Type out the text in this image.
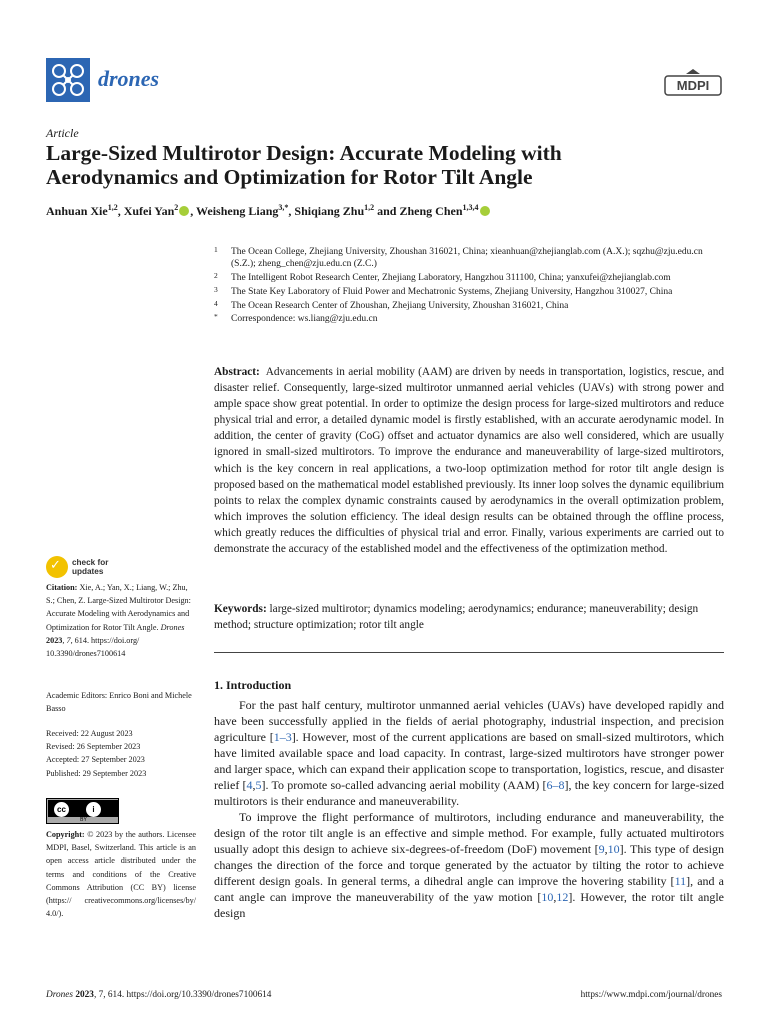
drones	MDPI
Article
Large-Sized Multirotor Design: Accurate Modeling with
Aerodynamics and Optimization for Rotor Tilt Angle
Anhuan Xie$^{1,2}$, Xufei Yan$^2$ , Weisheng Liang$^{3,*}$, Shiqiang Zhu$^{1,2}$ and Zheng Chen$^{1,3,4}$
1 The Ocean College, Zhejiang University, Zhoushan 316021, China; xieanhuan@zhejianglab.com (A.X.); sqzhu@zju.edu.cn (S.Z.); zheng_chen@zju.edu.cn (Z.C.)
2 The Intelligent Robot Research Center, Zhejiang Laboratory, Hangzhou 311100, China; yanxufei@zhejianglab.com
3 The State Key Laboratory of Fluid Power and Mechatronic Systems, Zhejiang University, Hangzhou 310027, China
4 The Ocean Research Center of Zhoushan, Zhejiang University, Zhoushan 316021, China
* Correspondence: ws.liang@zju.edu.cn
Abstract: Advancements in aerial mobility (AAM) are driven by needs in transportation, logistics, rescue, and disaster relief. Consequently, large-sized multirotor unmanned aerial vehicles (UAVs) with strong power and ample space show great potential. In order to optimize the design process for large-sized multirotors and reduce physical trial and error, a detailed dynamic model is firstly established, with an accurate aerodynamic model. In addition, the center of gravity (CoG) offset and actuator dynamics are also well considered, which are usually ignored in small-sized multirotors. To improve the endurance and maneuverability of large-sized multirotors, which is the key concern in real applications, a two-loop optimization method for rotor tilt angle design is proposed based on the mathematical model established previously. Its inner loop solves the dynamic equilibrium points to relax the complex dynamic constraints caused by aerodynamics in the overall optimization problem, which improves the solution efficiency. The ideal design results can be obtained through the offline process, which greatly reduces the difficulties of physical trial and error. Finally, various experiments are carried out to demonstrate the accuracy of the established model and the effectiveness of the optimization method.
Keywords: large-sized multirotor; dynamics modeling; aerodynamics; endurance; maneuverability; design method; structure optimization; rotor tilt angle
✓ check for
updates
Citation: Xie, A.; Yan, X.; Liang, W.; Zhu, S.; Chen, Z. Large-Sized Multirotor Design: Accurate Modeling with Aerodynamics and Optimization for Rotor Tilt Angle. Drones 2023, 7, 614. https://doi.org/ 10.3390/drones7100614
Academic Editors: Enrico Boni and Michele Basso
Received: 22 August 2023
Revised: 26 September 2023
Accepted: 27 September 2023
Published: 29 September 2023
cc	i
BY
Copyright: © 2023 by the authors. Licensee MDPI, Basel, Switzerland. This article is an open access article distributed under the terms and conditions of the Creative Commons Attribution (CC BY) license (https:// creativecommons.org/licenses/by/ 4.0/).
1. Introduction

For the past half century, multirotor unmanned aerial vehicles (UAVs) have developed rapidly and have been successfully applied in the fields of aerial photography, industrial inspection, and precision agriculture [1–3]. However, most of the current applications are based on small-sized multirotors, which have limited available space and load capacity. In contrast, large-sized multirotors have stronger power and larger space, which can expand their application scope to transportation, logistics, rescue, and disaster relief [4,5]. To promote so-called advancing aerial mobility (AAM) [6–8], the key concern for large-sized multirotors is their endurance and maneuverability.

To improve the flight performance of multirotors, including endurance and maneuverability, the design of the rotor tilt angle is an effective and simple method. For example, fully actuated multirotors usually adopt this design to achieve six-degrees-of-freedom (DoF) movement [9,10]. This type of design changes the direction of the force and torque generated by the actuator by tilting the rotor to achieve different design goals. In general terms, a dihedral angle can improve the hovering stability [11], and a cant angle can improve the maneuverability of the yaw motion [10,12]. However, the rotor tilt angle design

Drones 2023, 7, 614. https://doi.org/10.3390/drones7100614	https://www.mdpi.com/journal/drones
